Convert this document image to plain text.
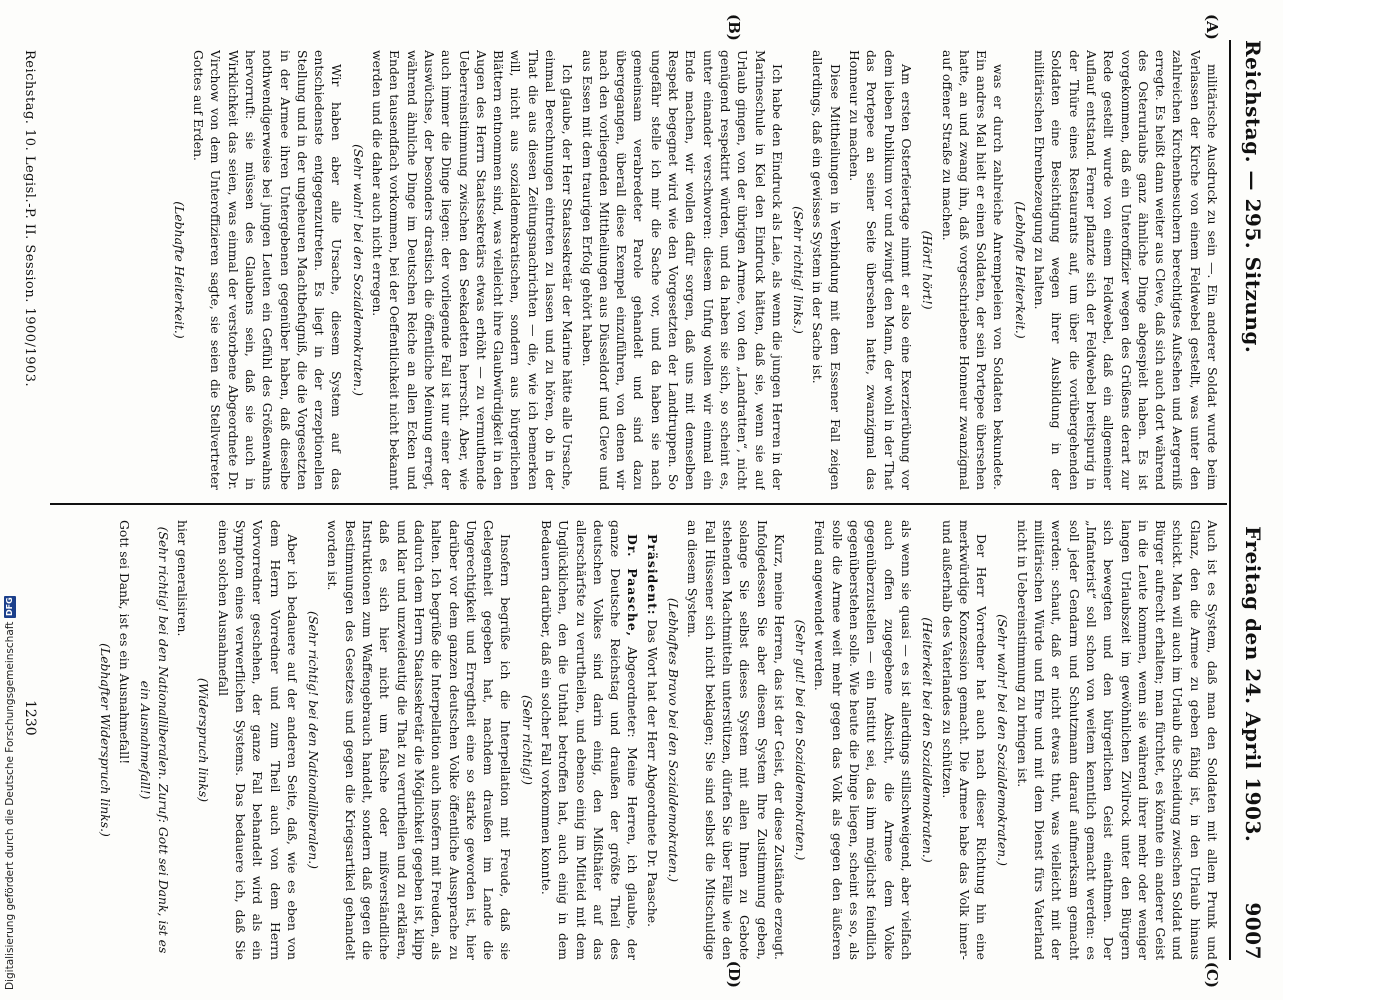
9007
Reichstag. — 295. Sitzung.
Freitag den 24. April 1903.
(A)
(B)
(C)
(D)

militärische Ausdruck zu sein —. Ein anderer Soldat wurde beim Verlassen der Kirche von einem Feldwebel gestellt, was unter den zahlreichen Kirchenbesuchern berechtigtes Aufsehen und Aergerniß erregte. Es heißt dann weiter aus Cleve, daß sich auch dort während des Osterurlaubs ganz ähnliche Dinge abgespielt haben. Es ist vorgekommen, daß ein Unteroffizier wegen des Grüßens derart zur Rede gestellt wurde von einem Feldwebel, daß ein allgemeiner Auflauf entstand. Ferner pflanzte sich der Feldwebel breitspurig in der Thüre eines Restaurants auf, um über die vorübergehenden Soldaten eine Besichtigung wegen ihrer Ausbildung in der militärischen Ehrenbezeugung zu halten.

(Lebhafte Heiterkeit.)

was er durch zahlreiche Anrempeleien von Soldaten bekundete. Ein andres Mal hielt er einen Soldaten, der sein Portepee übersehen hatte, an und zwang ihn, daß vorgeschriebene Honneur zwanzigmal auf offener Straße zu machen.

(Hört! hört!)

Am ersten Osterfeiertage nimmt er also eine Exerzierübung vor dem lieben Publikum vor und zwingt den Mann, der wohl in der That das Portepee an seiner Seite übersehen hatte, zwanzigmal das Honneur zu machen.

Diese Mittheilungen in Verbindung mit dem Essener Fall zeigen allerdings, daß ein gewisses System in der Sache ist.

(Sehr richtig! links.)

Ich habe den Eindruck als Laie, als wenn die jungen Herren in der Marineschule in Kiel den Eindruck hätten, daß sie, wenn sie auf Urlaub gingen, von der übrigen Armee, von den „Landratten“, nicht genügend respektirt würden, und da haben sie sich, so scheint es, unter einander verschworen: diesem Unfug wollen wir einmal ein Ende machen, wir wollen dafür sorgen, daß uns mit demselben Respekt begegnet wird wie den Vorgesetzten der Landtruppen. So ungefähr stelle ich mir die Sache vor, und da haben sie nach gemeinsam verabredeter Parole gehandelt und sind dazu übergegangen, überall diese Exempel einzuführen, von denen wir nach den vorliegenden Mittheilungen aus Düsseldorf und Cleve und aus Essen mit dem traurigen Erfolg gehört haben.

Ich glaube, der Herr Staatssekretär der Marine hätte alle Ursache, einmal Berechnungen eintreten zu lassen und zu hören, ob in der That die aus diesen Zeitungsnachrichten — die, wie ich bemerken will, nicht aus sozialdemokratischen, sondern aus bürgerlichen Blättern entnommen sind, was vielleicht ihre Glaubwürdigkeit in den Augen des Herrn Staatssekretärs etwas erhöht — zu vermuthende Ueberreinstimmung zwischen den Seekadetten herrscht. Aber, wie auch immer die Dinge liegen: der vorliegende Fall ist nur einer der Auswüchse, der besonders drastisch die öffentliche Meinung erregt, während ähnliche Dinge im Deutschen Reiche an allen Ecken und Enden tausendfach vorkommen, bei der Oeffentlichkeit nicht bekannt werden und die daher auch nicht erregen.

(Sehr wahr! bei den Sozialdemokraten.)

Wir haben aber alle Ursache, diesem System auf das entschiedenste entgegenzutreten. Es liegt in der erzeptionellen Stellung und in der ungeheuren Machtbefugniß, die die Vorgesetzten in der Armee ihren Untergebenen gegenüber haben, daß dieselbe nothwendigerweise bei jungen Leuten ein Gefühl des Größenwahns hervorruft: sie müssen des Glaubens sein, daß sie auch in Wirklichkeit das seien, was einmal der verstorbene Abgeordnete Dr. Virchow von dem Unteroffizieren sagte, sie seien die Stellvertreter Gottes auf Erden.

(Lebhafte Heiterkeit.)

Auch ist es System, daß man den Soldaten mit allem Prunk und Glanz, den die Armee zu geben fähig ist, in den Urlaub hinaus schickt. Man will auch im Urlaub die Scheidung zwischen Soldat und Bürger aufrecht erhalten; man fürchtet, es könnte ein anderer Geist in die Leute kommen, wenn sie während ihrer mehr oder weniger langen Urlaubszeit im gewöhnlichen Zivilrock unter den Bürgern sich bewegten und den bürgerlichen Geist einathmen. Der „Infanterist“ soll schon von weitem kenntlich gemacht werden: es soll jeder Gendarm und Schutzmann darauf aufmerksam gemacht werden: schaut, daß er nicht etwas thut, was vielleicht mit der militärischen Würde und Ehre und mit dem Dienst fürs Vaterland nicht in Uebereinstimmung zu bringen ist.

(Sehr wahr! bei den Sozialdemokraten.)

Der Herr Vorredner hat auch nach dieser Richtung hin eine merkwürdige Konzession gemacht. Die Armee habe das Volk inner- und außerhalb des Vaterlandes zu schützen.

(Heiterkeit bei den Sozialdemokraten.)

als wenn sie quasi — es ist allerdings stillschweigend, aber vielfach auch offen zugegebene Absicht, die Armee dem Volke gegenüberzustellen — ein Institut sei, das ihm möglichst feindlich gegenüberstehen solle. Wie heute die Dinge liegen, scheint es so, als solle die Armee weit mehr gegen das Volk als gegen den äußeren Feind angewendet werden.

(Sehr gut! bei den Sozialdemokraten.)

Kurz, meine Herren, das ist der Geist, der diese Zustände erzeugt. Infolgedessen Sie aber diesem System Ihre Zustimmung geben, solange Sie selbst dieses System mit allen Ihnen zu Gebote stehenden Machtmitteln unterstützen, dürfen Sie über Fälle wie den Fall Hüssener sich nicht beklagen; Sie sind selbst die Mitschuldige an diesem System.

(Lebhaftes Bravo bei den Sozialdemokraten.)

Präsident: Das Wort hat der Herr Abgeordnete Dr. Paasche.

Dr. Paasche, Abgeordneter: Meine Herren, ich glaube, der ganze Deutsche Reichstag und draußen der größte Theil des deutschen Volkes sind darin einig, den Mißthäter auf das allerschärfste zu verurtheilen, und ebenso einig im Mitleid mit dem Unglücklichen, den die Unthat betroffen hat, auch einig in dem Bedauern darüber, daß ein solcher Fall vorkommen konnte.

(Sehr richtig!)

Insofern begrüße ich die Interpellation mit Freude, daß sie Gelegenheit gegeben hat, nachdem draußen im Lande die Ungerechtigkeit und Erregtheit eine so starke geworden ist, hier darüber vor dem ganzen deutschen Volke öffentliche Aussprache zu halten. Ich begrüße die Interpellation auch insofern mit Freuden, als dadurch dem Herrn Staatssekretär die Möglichkeit gegeben ist, klipp und klar und unzweideutig die That zu verurtheilen und zu erklären, daß es sich hier nicht um falsche oder mißverständliche Instruktionen zum Waffengebrauch handelt, sondern daß gegen die Bestimmungen des Gesetzes und gegen die Kriegsartikel gehandelt worden ist.

(Sehr richtig! bei den Nationalliberalen.)

Aber ich bedauere auf der anderen Seite, daß, wie es eben von dem Herrn Vorredner und zum Theil auch von dem Herrn Vorvorredner geschehen, der ganze Fall behandelt wird als ein Symptom eines verwerflichen Systems. Das bedauere ich, daß Sie einen solchen Ausnahmefall

(Widerspruch links)

hier generalisiren.

(Sehr richtig! bei den Nationalliberalen. Zuruf: Gott sei Dank, ist es ein Ausnahmefall!)

Gott sei Dank, ist es ein Ausnahmefall!

(Lebhafter Widerspruch links.)

Reichstag. 10. Legisl.-P. II. Session. 1900/1903.
1230
Digitalisierung gefördert durch die Deutsche Forschungsgemeinschaft
DFG
